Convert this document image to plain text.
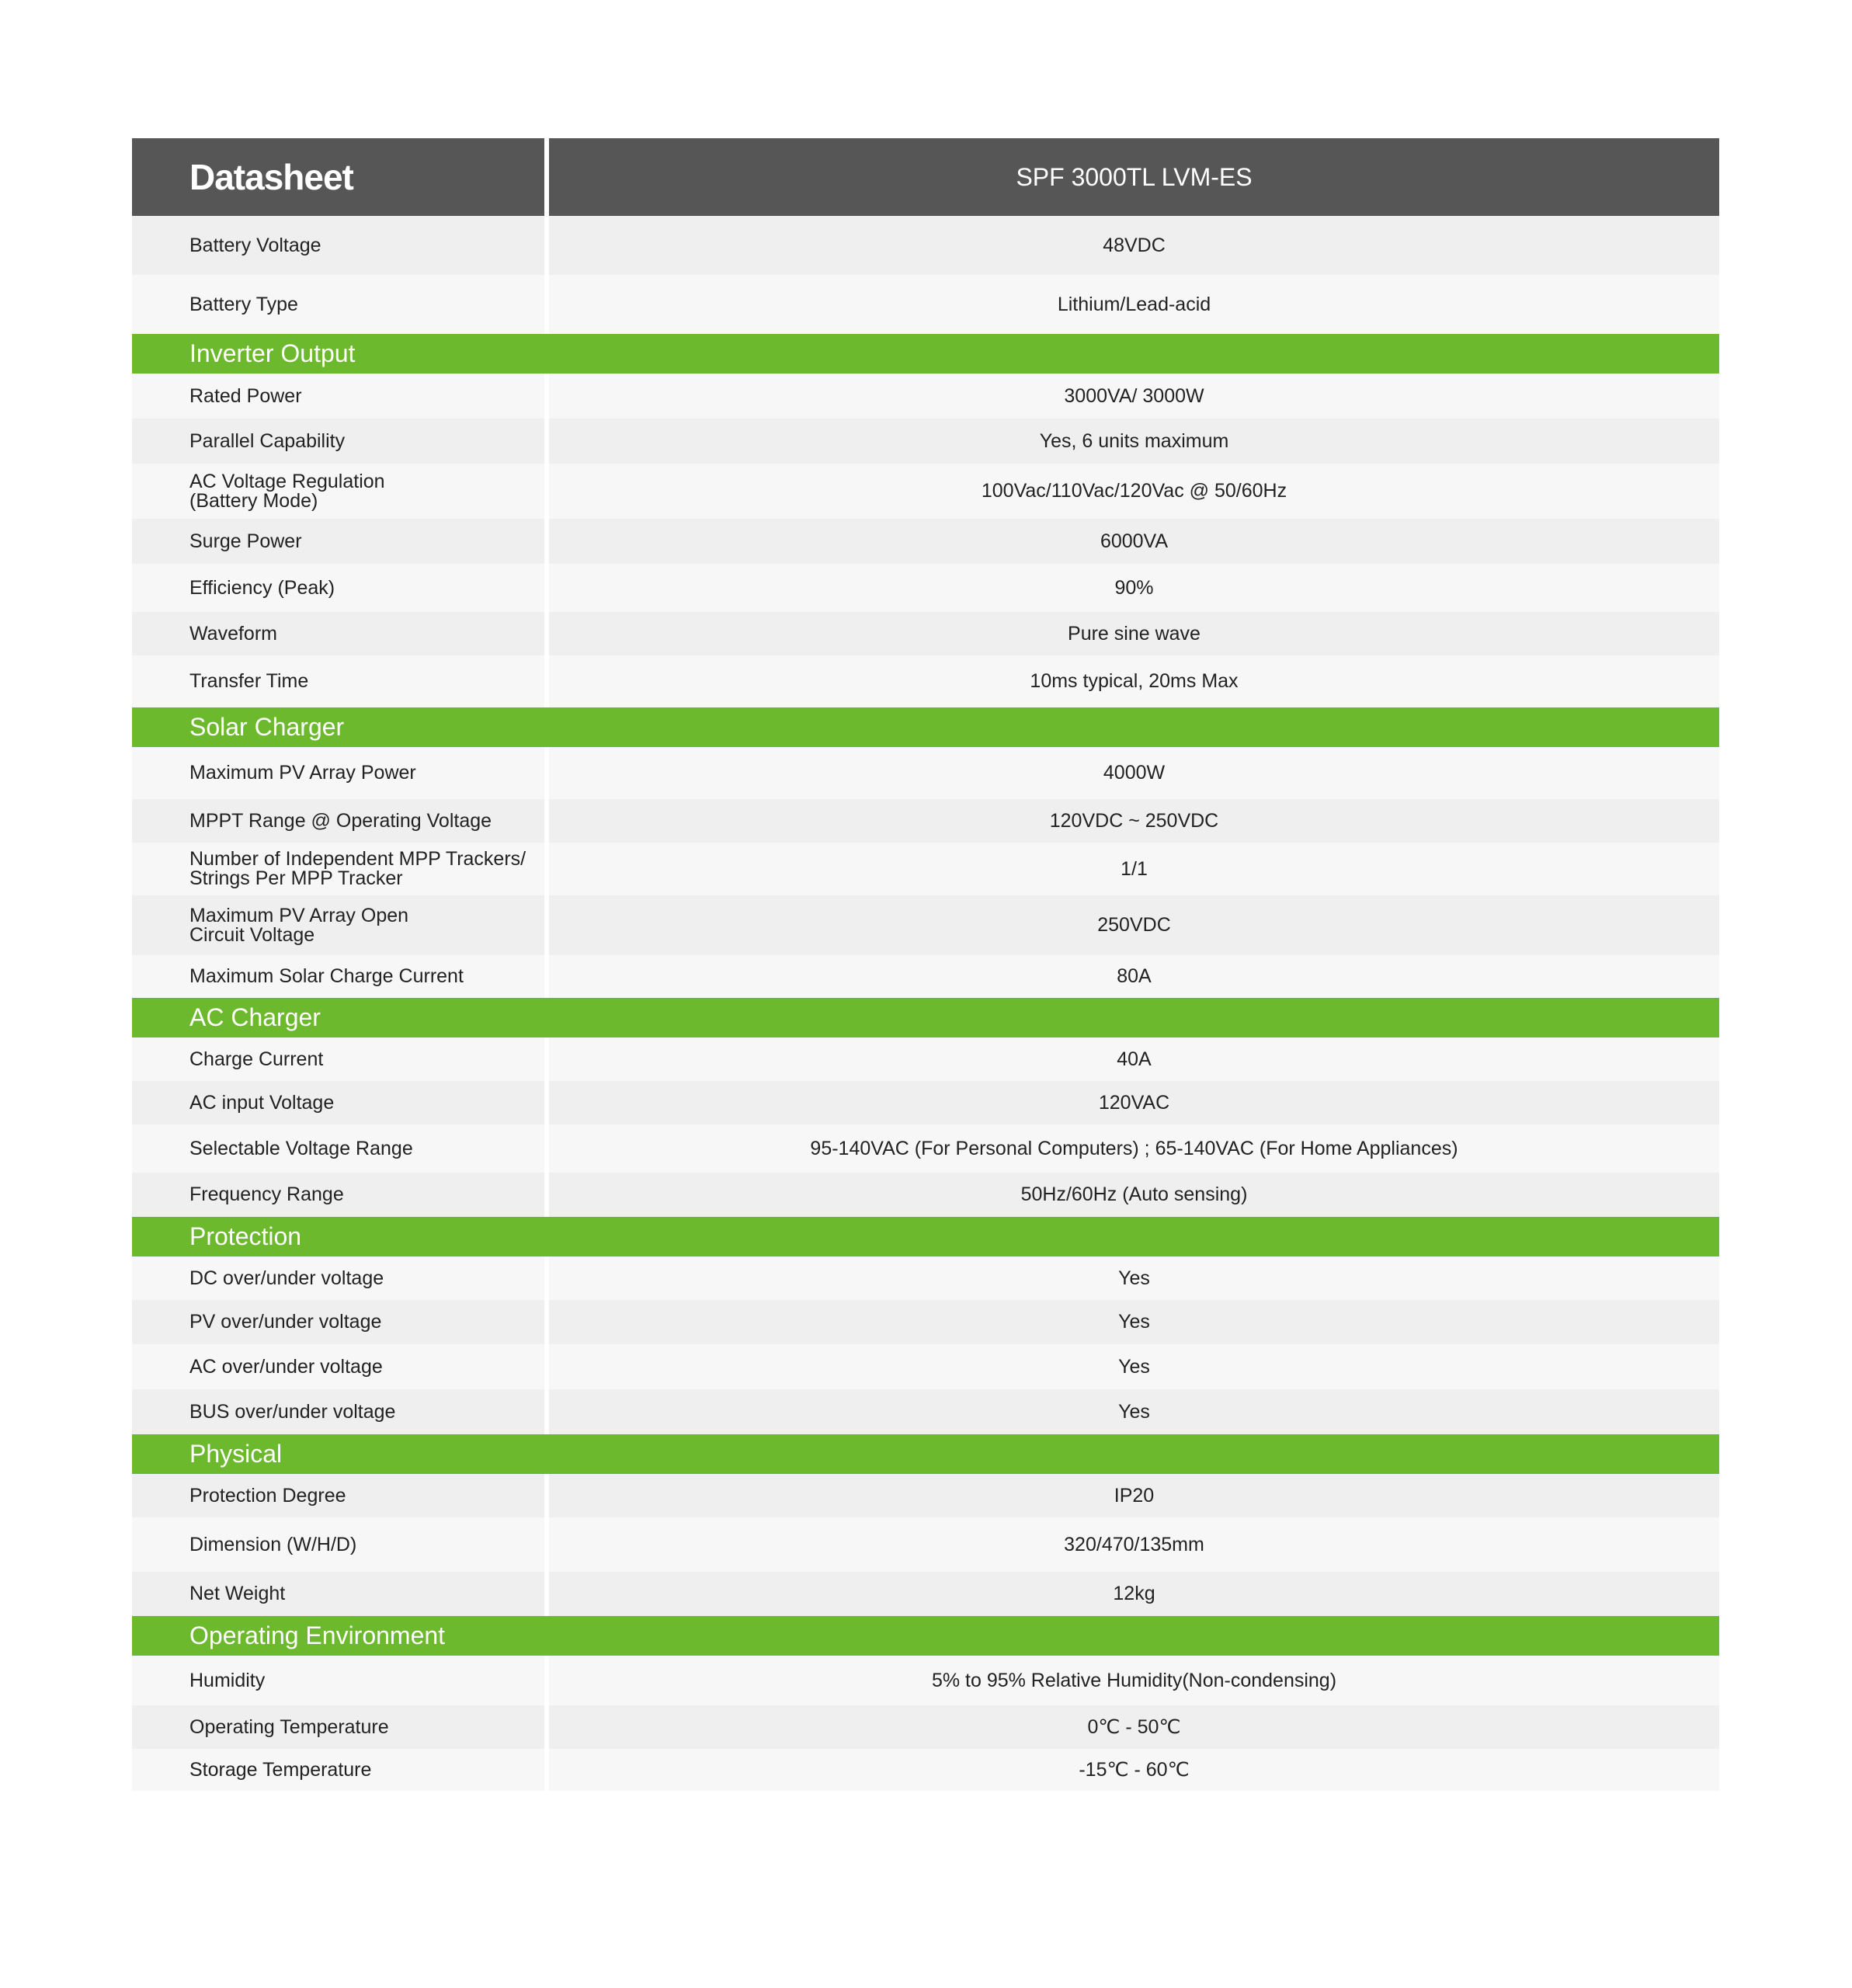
Datasheet	SPF 3000TL LVM-ES
Battery Voltage	48VDC
Battery Type	Lithium/Lead-acid
Inverter Output
Rated Power	3000VA/ 3000W
Parallel Capability	Yes, 6 units maximum
AC Voltage Regulation
(Battery Mode)	100Vac/110Vac/120Vac @ 50/60Hz
Surge Power	6000VA
Efficiency (Peak)	90%
Waveform	Pure sine wave
Transfer Time	10ms typical, 20ms Max
Solar Charger
Maximum PV Array Power	4000W
MPPT Range @ Operating Voltage	120VDC ~ 250VDC
Number of Independent MPP Trackers/
Strings Per MPP Tracker	1/1
Maximum PV Array Open
Circuit Voltage	250VDC
Maximum Solar Charge Current	80A
AC Charger
Charge Current	40A
AC input Voltage	120VAC
Selectable Voltage Range	95-140VAC (For Personal Computers) ; 65-140VAC (For Home Appliances)
Frequency Range	50Hz/60Hz (Auto sensing)
Protection
DC over/under voltage	Yes
PV over/under voltage	Yes
AC over/under voltage	Yes
BUS over/under voltage	Yes
Physical
Protection Degree	IP20
Dimension (W/H/D)	320/470/135mm
Net Weight	12kg
Operating Environment
Humidity	5% to 95% Relative Humidity(Non-condensing)
Operating Temperature	0℃ - 50℃
Storage Temperature	-15℃ - 60℃
